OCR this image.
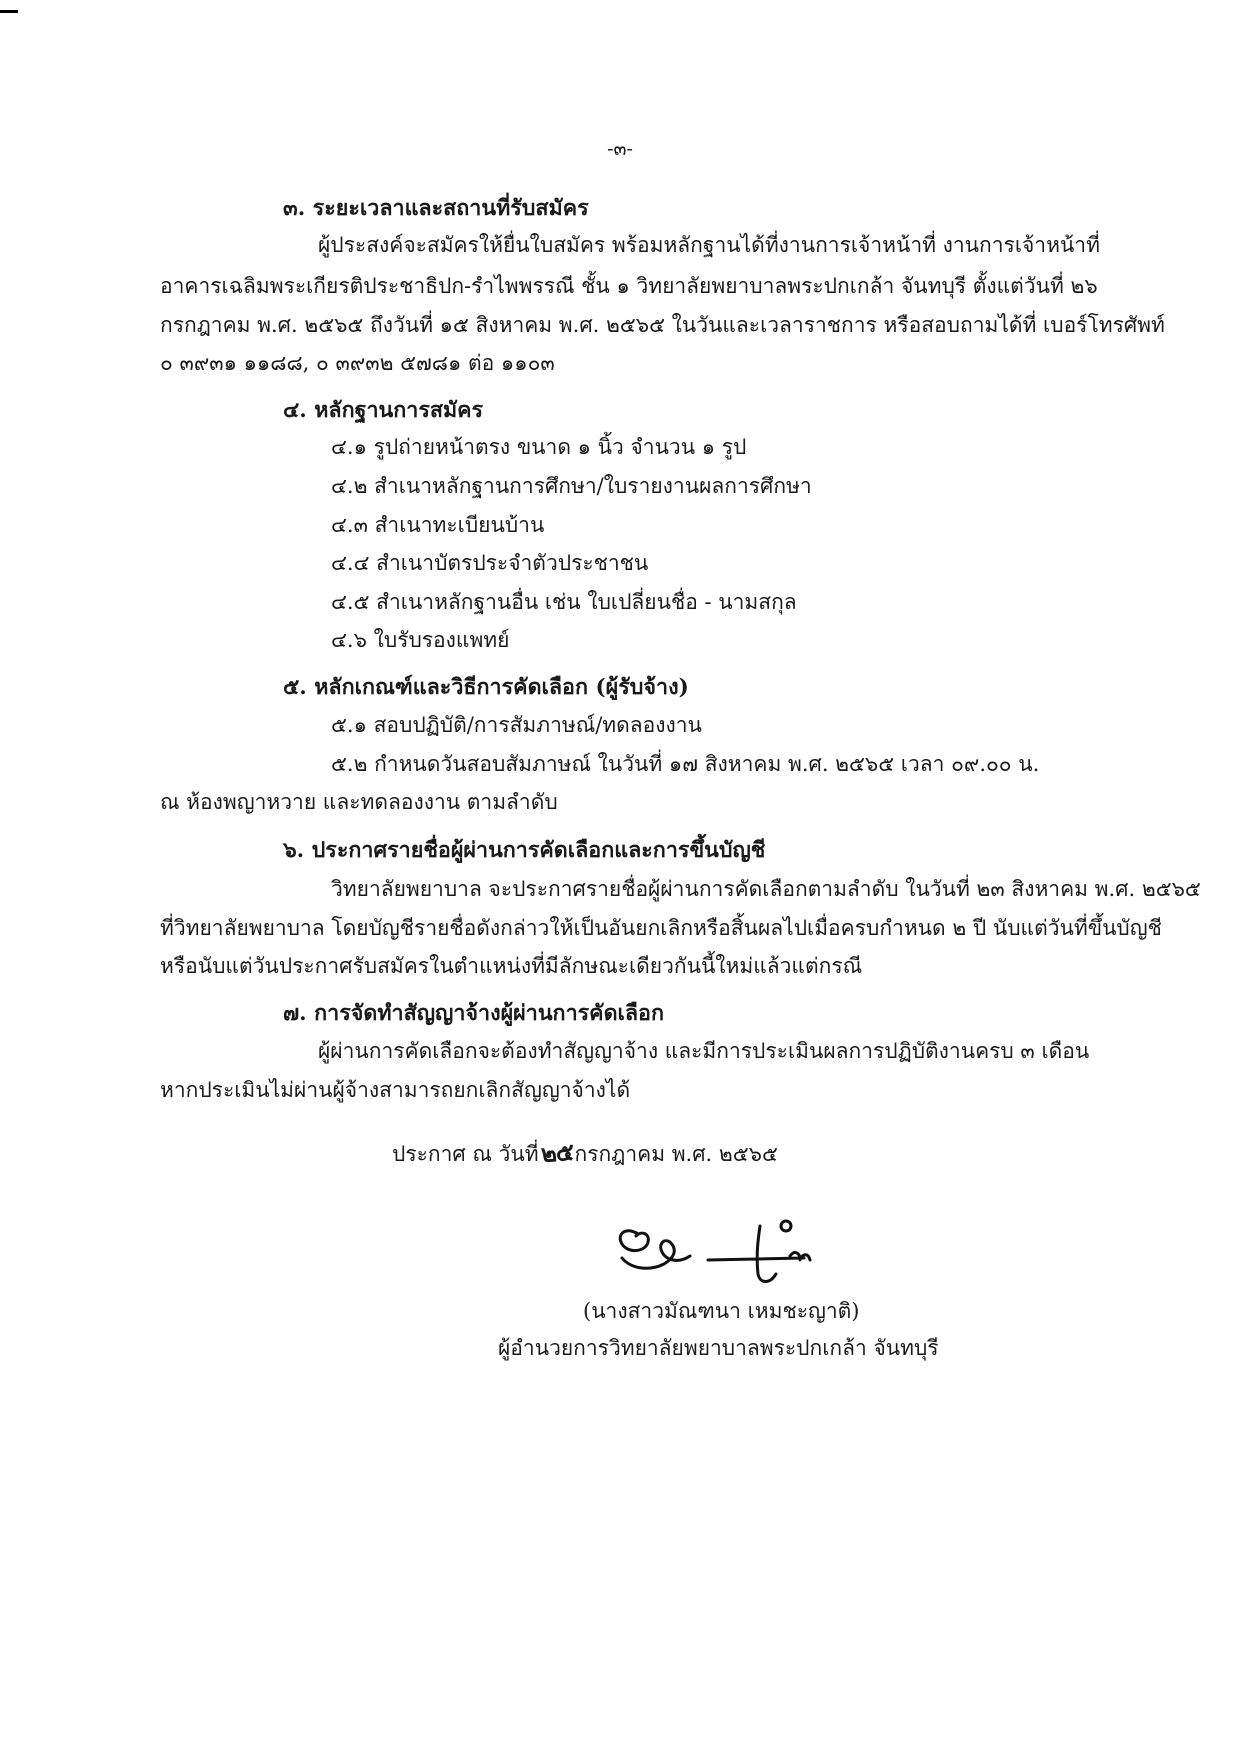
-๓-
๓. ระยะเวลาและสถานที่รับสมัคร
ผู้ประสงค์จะสมัครให้ยื่นใบสมัคร พร้อมหลักฐานได้ที่งานการเจ้าหน้าที่ งานการเจ้าหน้าที่
อาคารเฉลิมพระเกียรติประชาธิปก-รำไพพรรณี ชั้น ๑ วิทยาลัยพยาบาลพระปกเกล้า จันทบุรี ตั้งแต่วันที่ ๒๖
กรกฎาคม พ.ศ. ๒๕๖๕ ถึงวันที่ ๑๕ สิงหาคม พ.ศ. ๒๕๖๕ ในวันและเวลาราชการ หรือสอบถามได้ที่ เบอร์โทรศัพท์
๐ ๓๙๓๑ ๑๑๘๘, ๐ ๓๙๓๒ ๕๗๘๑ ต่อ ๑๑๐๓
๔. หลักฐานการสมัคร
๔.๑ รูปถ่ายหน้าตรง ขนาด ๑ นิ้ว จำนวน ๑ รูป
๔.๒ สำเนาหลักฐานการศึกษา/ใบรายงานผลการศึกษา
๔.๓ สำเนาทะเบียนบ้าน
๔.๔ สำเนาบัตรประจำตัวประชาชน
๔.๕ สำเนาหลักฐานอื่น เช่น ใบเปลี่ยนชื่อ - นามสกุล
๔.๖ ใบรับรองแพทย์
๕. หลักเกณฑ์และวิธีการคัดเลือก (ผู้รับจ้าง)
๕.๑ สอบปฏิบัติ/การสัมภาษณ์/ทดลองงาน
๕.๒ กำหนดวันสอบสัมภาษณ์ ในวันที่ ๑๗ สิงหาคม พ.ศ. ๒๕๖๕ เวลา ๐๙.๐๐ น.
ณ ห้องพญาหวาย และทดลองงาน ตามลำดับ
๖. ประกาศรายชื่อผู้ผ่านการคัดเลือกและการขึ้นบัญชี
วิทยาลัยพยาบาล จะประกาศรายชื่อผู้ผ่านการคัดเลือกตามลำดับ ในวันที่ ๒๓ สิงหาคม พ.ศ. ๒๕๖๕
ที่วิทยาลัยพยาบาล โดยบัญชีรายชื่อดังกล่าวให้เป็นอันยกเลิกหรือสิ้นผลไปเมื่อครบกำหนด ๒ ปี นับแต่วันที่ขึ้นบัญชี
หรือนับแต่วันประกาศรับสมัครในตำแหน่งที่มีลักษณะเดียวกันนี้ใหม่แล้วแต่กรณี
๗. การจัดทำสัญญาจ้างผู้ผ่านการคัดเลือก
ผู้ผ่านการคัดเลือกจะต้องทำสัญญาจ้าง และมีการประเมินผลการปฏิบัติงานครบ ๓ เดือน
หากประเมินไม่ผ่านผู้จ้างสามารถยกเลิกสัญญาจ้างได้
ประกาศ ณ วันที่๒๕กรกฎาคม พ.ศ. ๒๕๖๕
(นางสาวมัณฑนา เหมชะญาติ)
ผู้อำนวยการวิทยาลัยพยาบาลพระปกเกล้า จันทบุรี
